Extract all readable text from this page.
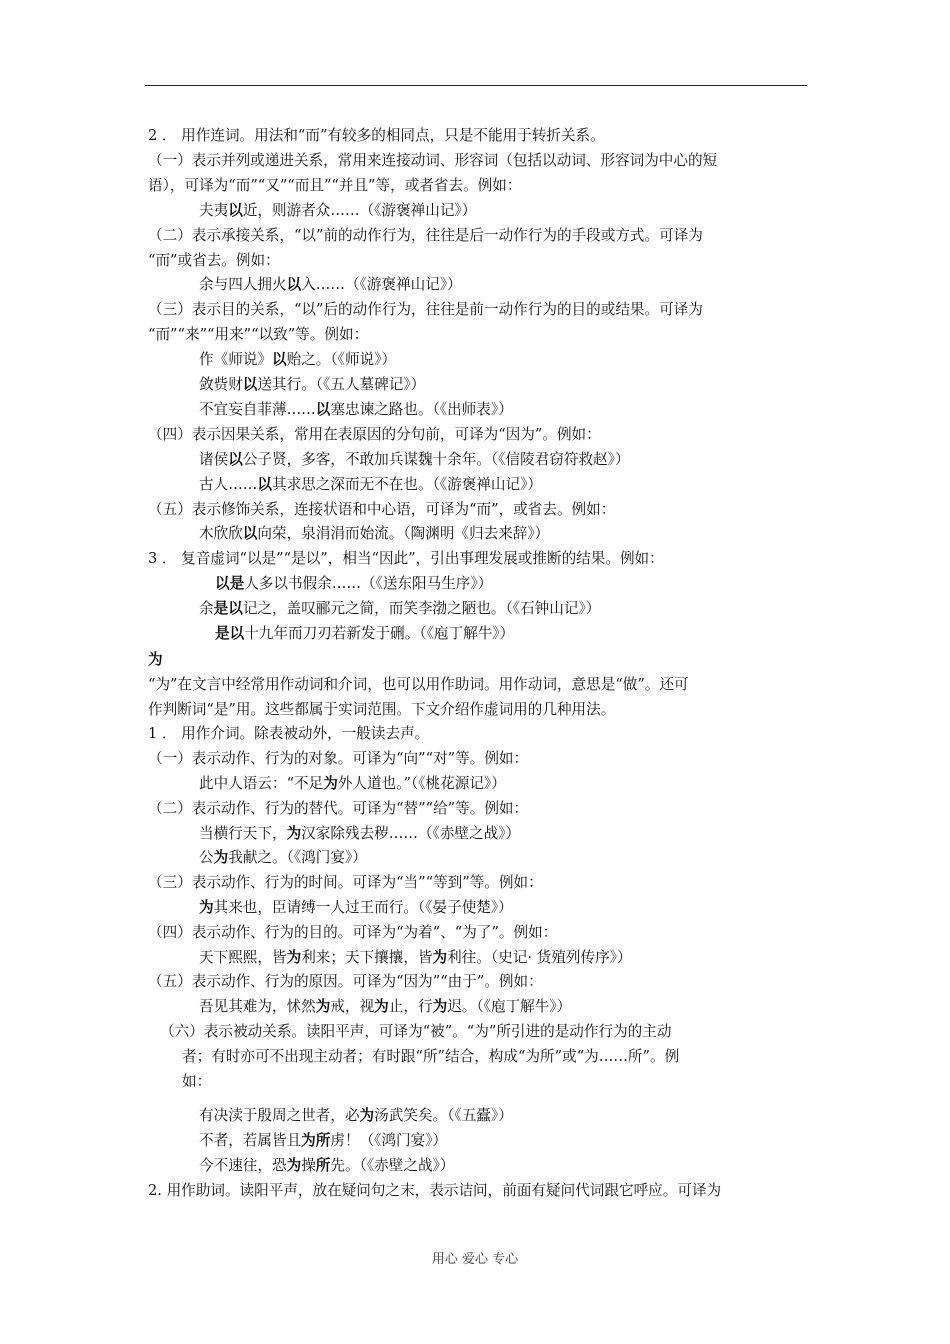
2 ． 用作连词。用法和“而”有较多的相同点，只是不能用于转折关系。
（一）表示并列或递进关系，常用来连接动词、形容词（包括以动词、形容词为中心的短
语），可译为“而”“又”“而且”“并且”等，或者省去。例如：
夫夷以近，则游者众……（《游褒禅山记》）
（二）表示承接关系，“以”前的动作行为，往往是后一动作行为的手段或方式。可译为
“而”或省去。例如：
余与四人拥火以入……（《游褒禅山记》）
（三）表示目的关系，“以”后的动作行为，往往是前一动作行为的目的或结果。可译为
“而”“来”“用来”“以致”等。例如：
作《师说》以贻之。（《师说》）
敛赀财以送其行。（《五人墓碑记》）
不宜妄自菲薄……以塞忠谏之路也。（《出师表》）
（四）表示因果关系，常用在表原因的分句前，可译为“因为”。例如：
诸侯以公子贤，多客，不敢加兵谋魏十余年。（《信陵君窃符救赵》）
古人……以其求思之深而无不在也。（《游褒禅山记》）
（五）表示修饰关系，连接状语和中心语，可译为“而”，或省去。例如：
木欣欣以向荣，泉涓涓而始流。（陶渊明《归去来辞》）
3 ． 复音虚词“以是”“是以”，相当“因此”，引出事理发展或推断的结果。例如：
以是人多以书假余……（《送东阳马生序》）
余是以记之，盖叹郦元之简，而笑李渤之陋也。（《石钟山记》）
是以十九年而刀刃若新发于硎。（《庖丁解牛》）
为
“为”在文言中经常用作动词和介词，也可以用作助词。用作动词，意思是“做”。还可
作判断词“是”用。这些都属于实词范围。下文介绍作虚词用的几种用法。
1 ． 用作介词。除表被动外，一般读去声。
（一）表示动作、行为的对象。可译为“向”“对”等。例如：
此中人语云：“不足为外人道也。”（《桃花源记》）
（二）表示动作、行为的替代。可译为“替”“给”等。例如：
当横行天下，为汉家除残去秽……（《赤壁之战》）
公为我献之。（《鸿门宴》）
（三）表示动作、行为的时间。可译为“当”“等到”等。例如：
为其来也，臣请缚一人过王而行。（《晏子使楚》）
（四）表示动作、行为的目的。可译为“为着”、“为了”。例如：
天下熙熙，皆为利来；天下攘攘，皆为利往。（史记· 货殖列传序》）
（五）表示动作、行为的原因。可译为“因为”“由于”。例如：
吾见其难为，怵然为戒，视为止，行为迟。（《庖丁解牛》）
（六）表示被动关系。读阳平声，可译为“被”。“为”所引进的是动作行为的主动
者；有时亦可不出现主动者；有时跟“所”结合，构成“为所”或“为……所”。例
如：
有决渎于殷周之世者，必为汤武笑矣。（《五蠹》）
不者，若属皆且为所虏！（《鸿门宴》）
今不速往，恐为操所先。（《赤壁之战》）
2. 用作助词。读阳平声，放在疑问句之末，表示诘问，前面有疑问代词跟它呼应。可译为
用心 爱心 专心
